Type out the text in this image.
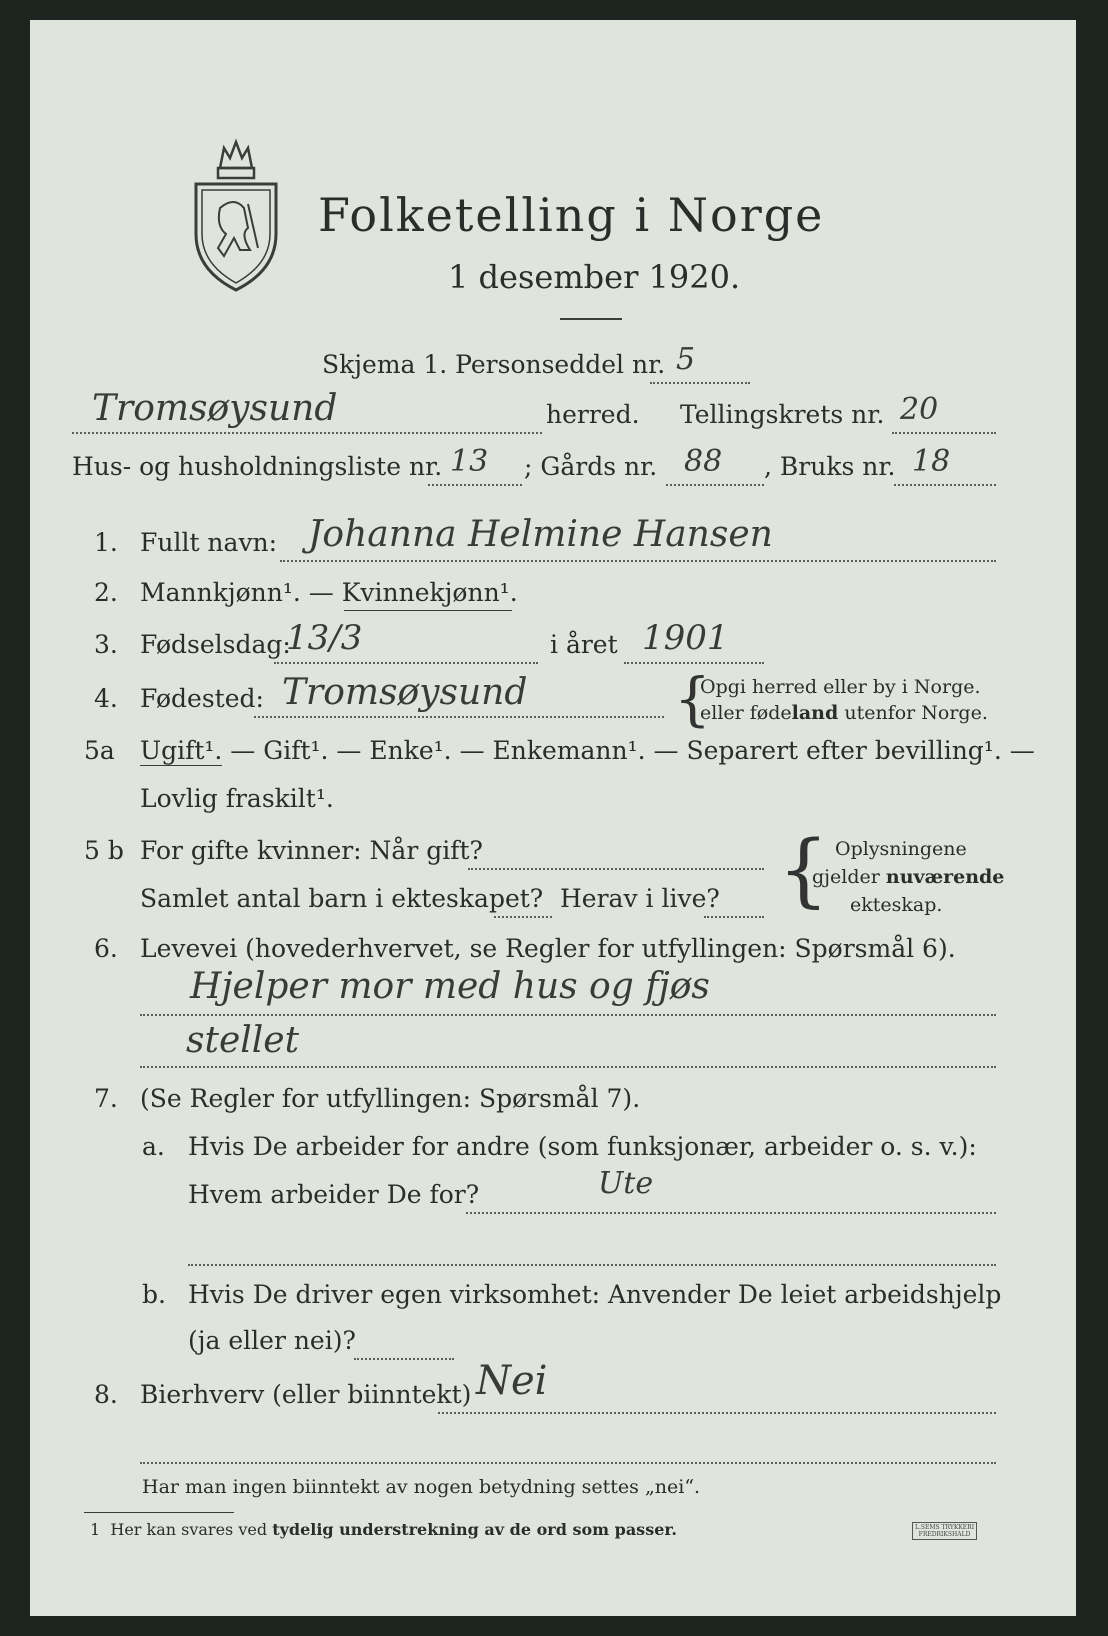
Folketelling i Norge
1 desember 1920.
Skjema 1. Personseddel nr. 5
Tromsøysund	herred. Tellingskrets nr. 20
Hus- og husholdningsliste nr. 13 ; Gårds nr. 88 , Bruks nr. 18
1. Fullt navn: Johanna Helmine Hansen
2. Mannkjønn¹. — Kvinnekjønn¹.
3. Fødselsdag:
13/3	i året 1901
4. Fødested: Tromsøysund	{
Opgi herred eller by i Norge.
eller fødeland utenfor Norge.
5a Ugift¹. — Gift¹. — Enke¹. — Enkemann¹. — Separert efter bevilling¹. —
Lovlig fraskilt¹.
5 b For gifte kvinner: Når gift?
Samlet antal barn i ekteskapet? Herav i live? { Oplysningene
gjelder nuværende
ekteskap.
6. Levevei (hovederhvervet, se Regler for utfyllingen: Spørsmål 6).
Hjelper mor med hus og fjøs
stellet
7. (Se Regler for utfyllingen: Spørsmål 7).
a. Hvis De arbeider for andre (som funksjonær, arbeider o. s. v.):
Hvem arbeider De for?	Ute
b. Hvis De driver egen virksomhet: Anvender De leiet arbeidshjelp
(ja eller nei)?
8. Bierhverv (eller biinntekt) Nei
Har man ingen biinntekt av nogen betydning settes „nei“.
1 Her kan svares ved tydelig understrekning av de ord som passer.	L.SEMS TRYKKERI
FREDRIKSHALD
